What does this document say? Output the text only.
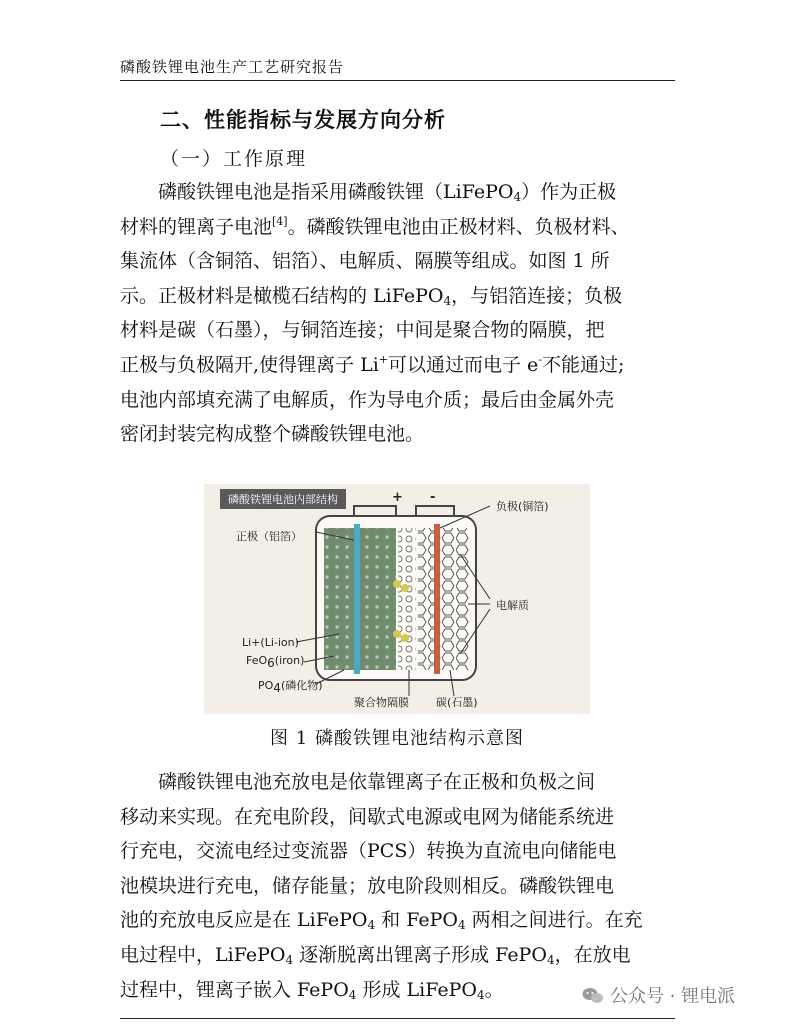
磷酸铁锂电池生产工艺研究报告
二、性能指标与发展方向分析
（一）工作原理

　　磷酸铁锂电池是指采用磷酸铁锂（LiFePO$_4$）作为正极
材料的锂离子电池[4]。磷酸铁锂电池由正极材料、负极材料、
集流体（含铜箔、铝箔）、电解质、隔膜等组成。如图 1 所
示。正极材料是橄榄石结构的 LiFePO$_4$，与铝箔连接；负极
材料是碳（石墨），与铜箔连接；中间是聚合物的隔膜，把
正极与负极隔开,使得锂离子 Li+可以通过而电子 e-不能通过;
电池内部填充满了电解质，作为导电介质；最后由金属外壳
密闭封装完构成整个磷酸铁锂电池。

磷酸铁锂电池内部结构	+ -
负极(铜箔)
正极（铝箔）
电解质
Li+(Li-ion)
FeO$_6$(iron)
$PO_4$(磷化物)
聚合物隔膜 碳(石墨)
图 1 磷酸铁锂电池结构示意图

　　磷酸铁锂电池充放电是依靠锂离子在正极和负极之间
移动来实现。在充电阶段，间歇式电源或电网为储能系统进
行充电，交流电经过变流器（PCS）转换为直流电向储能电
池模块进行充电，储存能量；放电阶段则相反。磷酸铁锂电
池的充放电反应是在 LiFePO$_4$ 和 FePO$_4$ 两相之间进行。在充
电过程中，LiFePO$_4$ 逐渐脱离出锂离子形成 FePO$_4$，在放电
过程中，锂离子嵌入 FePO$_4$ 形成 LiFePO$_4$。	公众号 · 锂电派
